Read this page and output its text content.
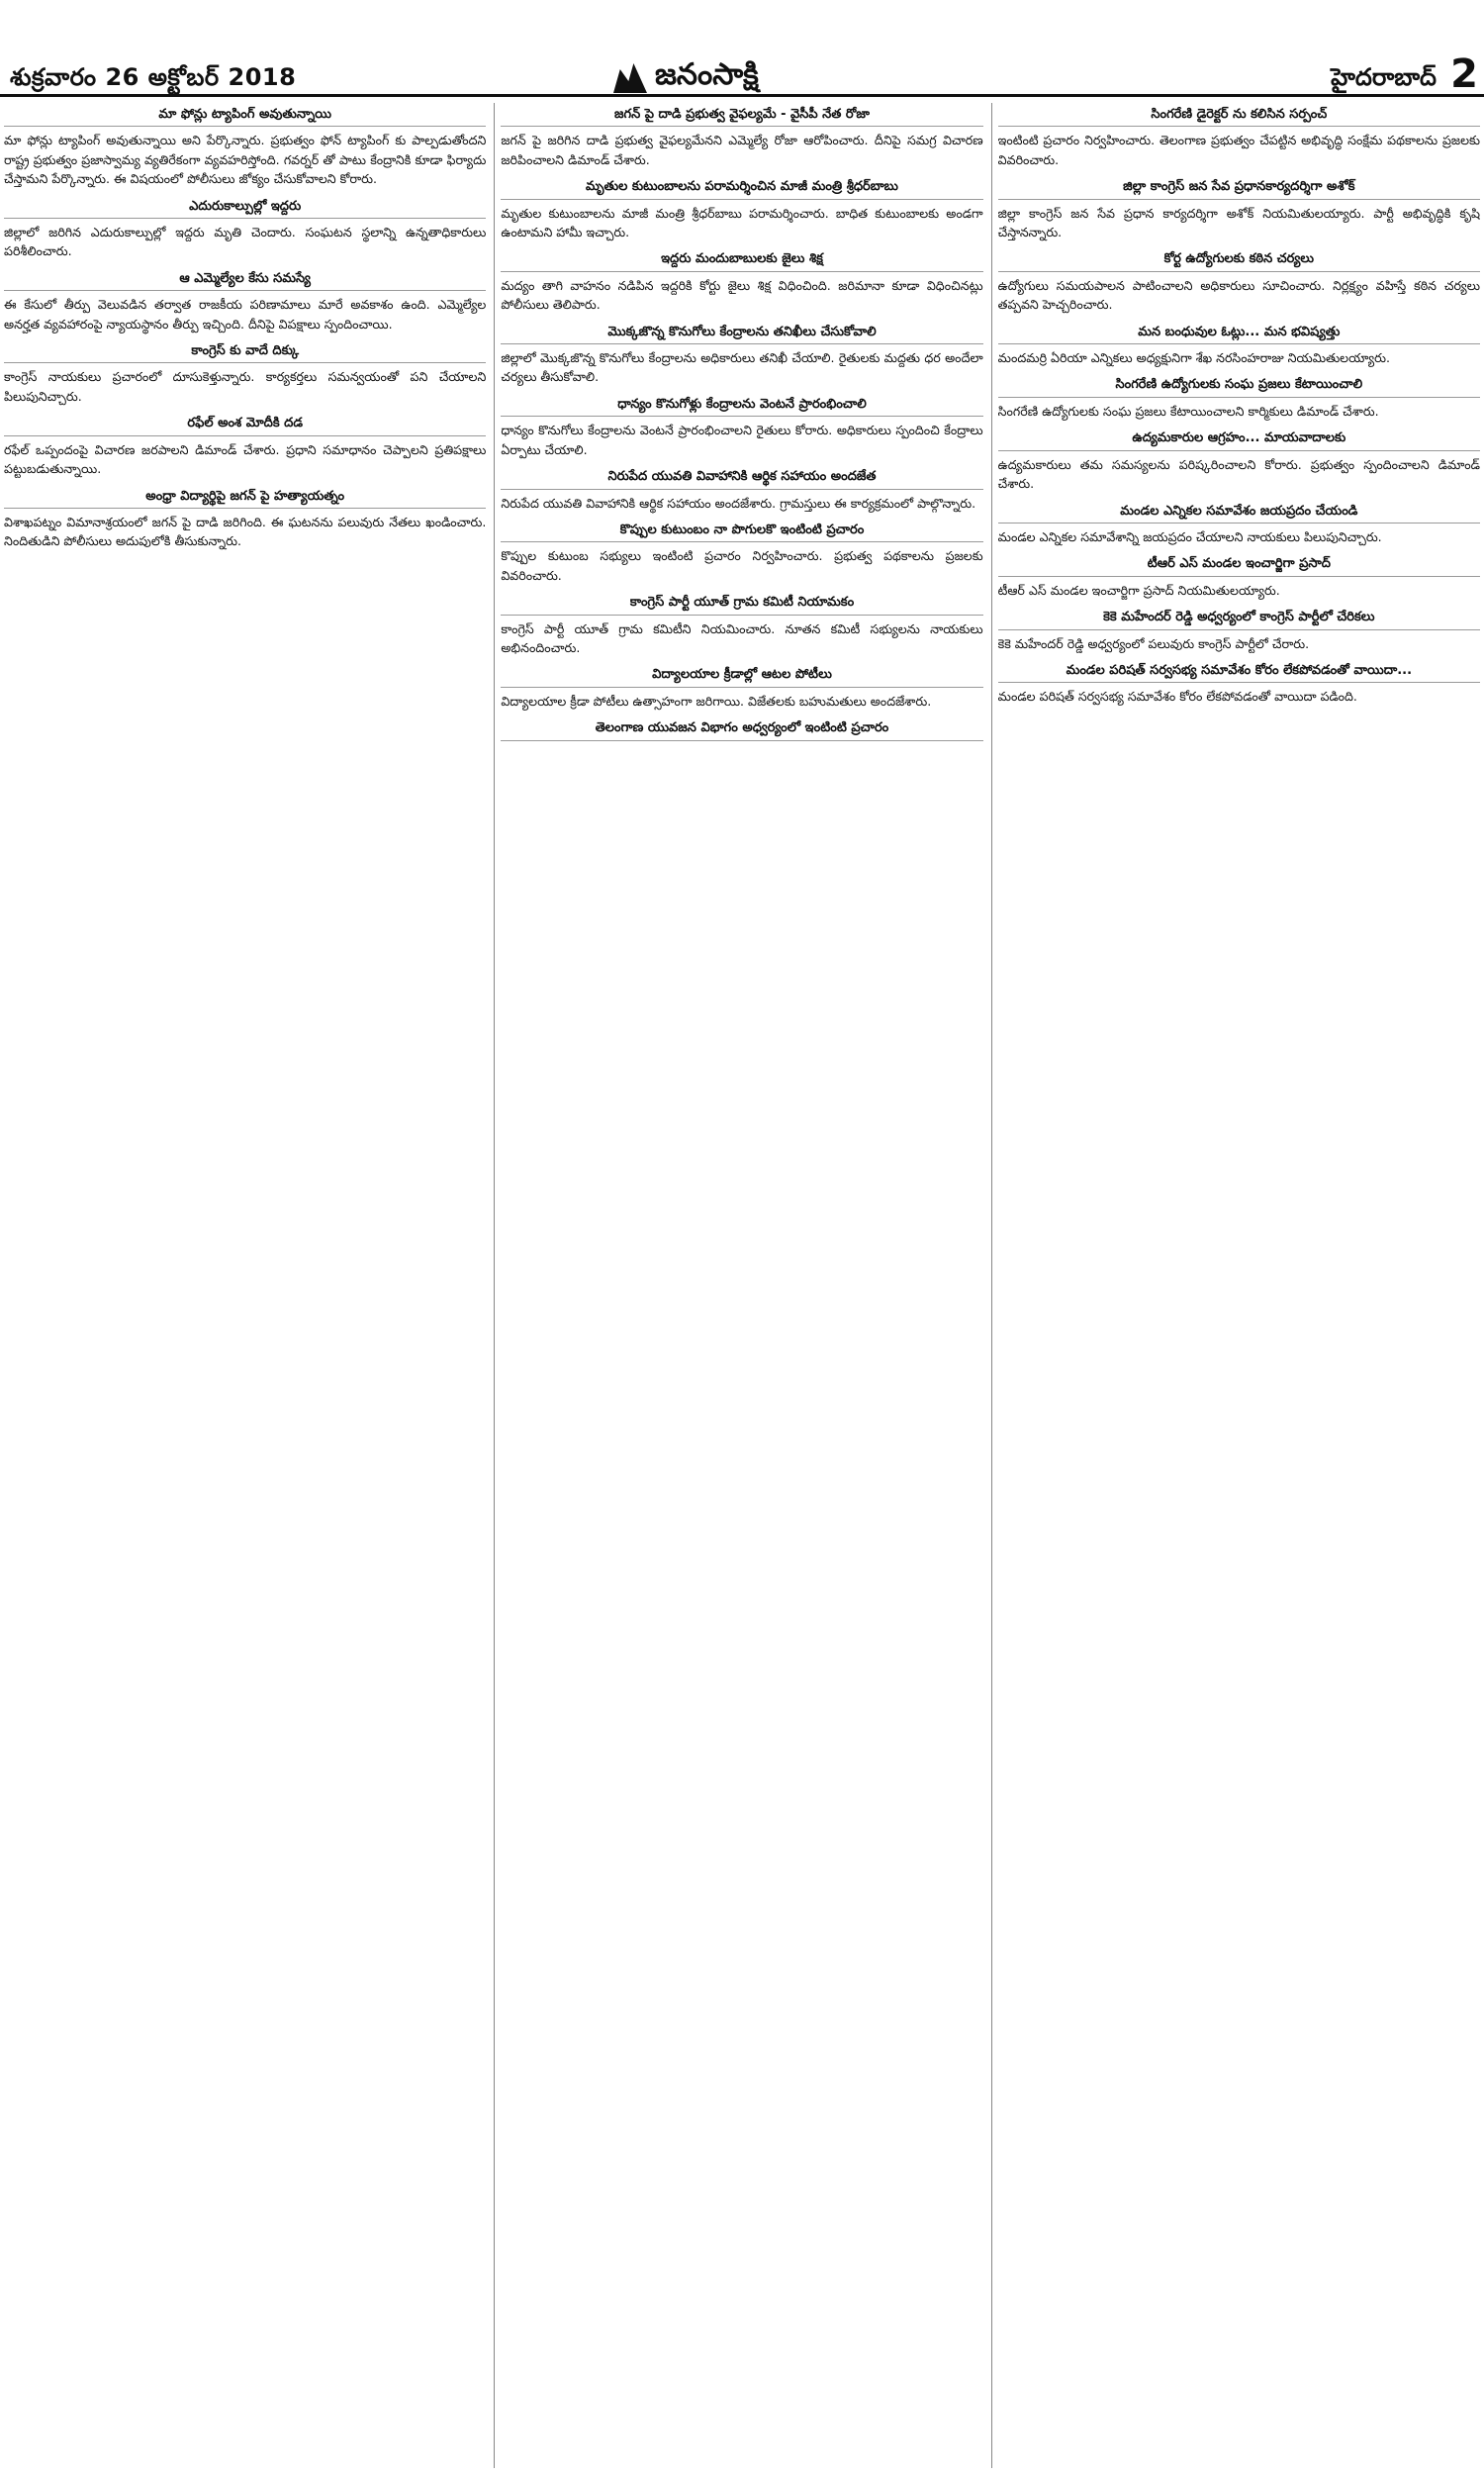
శుక్రవారం 26 అక్టోబర్ 2018	జనంసాక్షి	హైదరాబాద్ 2
మా ఫోన్లు ట్యాపింగ్ అవుతున్నాయి

మా ఫోన్లు ట్యాపింగ్ అవుతున్నాయి అని పేర్కొన్నారు. ప్రభుత్వం ఫోన్ ట్యాపింగ్ కు పాల్పడుతోందని రాష్ట్ర ప్రభుత్వం ప్రజాస్వామ్య వ్యతిరేకంగా వ్యవహరిస్తోంది. గవర్నర్ తో పాటు కేంద్రానికి కూడా ఫిర్యాదు చేస్తామని పేర్కొన్నారు. ఈ విషయంలో పోలీసులు జోక్యం చేసుకోవాలని కోరారు.

ఎదురుకాల్పుల్లో ఇద్దరు

జిల్లాలో జరిగిన ఎదురుకాల్పుల్లో ఇద్దరు మృతి చెందారు. సంఘటన స్థలాన్ని ఉన్నతాధికారులు పరిశీలించారు.

ఆ ఎమ్మెల్యేల కేసు సమస్యే

ఈ కేసులో తీర్పు వెలువడిన తర్వాత రాజకీయ పరిణామాలు మారే అవకాశం ఉంది. ఎమ్మెల్యేల అనర్హత వ్యవహారంపై న్యాయస్థానం తీర్పు ఇచ్చింది. దీనిపై విపక్షాలు స్పందించాయి.

కాంగ్రెస్ కు వాదే దిక్కు

కాంగ్రెస్ నాయకులు ప్రచారంలో దూసుకెళ్తున్నారు. కార్యకర్తలు సమన్వయంతో పని చేయాలని పిలుపునిచ్చారు.

రఫేల్ అంశ మోదీకి దడ

రఫేల్ ఒప్పందంపై విచారణ జరపాలని డిమాండ్ చేశారు. ప్రధాని సమాధానం చెప్పాలని ప్రతిపక్షాలు పట్టుబడుతున్నాయి.

అంధ్రా విద్యార్థిపై జగన్ పై హత్యాయత్నం

విశాఖపట్నం విమానాశ్రయంలో జగన్ పై దాడి జరిగింది. ఈ ఘటనను పలువురు నేతలు ఖండించారు. నిందితుడిని పోలీసులు అదుపులోకి తీసుకున్నారు.

జగన్ పై దాడి ప్రభుత్వ వైఫల్యమే - వైసీపీ నేత రోజా

జగన్ పై జరిగిన దాడి ప్రభుత్వ వైఫల్యమేనని ఎమ్మెల్యే రోజా ఆరోపించారు. దీనిపై సమగ్ర విచారణ జరిపించాలని డిమాండ్ చేశారు.

మృతుల కుటుంబాలను పరామర్శించిన మాజీ మంత్రి శ్రీధర్‌బాబు

మృతుల కుటుంబాలను మాజీ మంత్రి శ్రీధర్‌బాబు పరామర్శించారు. బాధిత కుటుంబాలకు అండగా ఉంటామని హామీ ఇచ్చారు.

ఇద్దరు మందుబాబులకు జైలు శిక్ష

మద్యం తాగి వాహనం నడిపిన ఇద్దరికి కోర్టు జైలు శిక్ష విధించింది. జరిమానా కూడా విధించినట్లు పోలీసులు తెలిపారు.

మొక్కజొన్న కొనుగోలు కేంద్రాలను తనిఖీలు చేసుకోవాలి

జిల్లాలో మొక్కజొన్న కొనుగోలు కేంద్రాలను అధికారులు తనిఖీ చేయాలి. రైతులకు మద్దతు ధర అందేలా చర్యలు తీసుకోవాలి.

ధాన్యం కొనుగోళ్లు కేంద్రాలను వెంటనే ప్రారంభించాలి

ధాన్యం కొనుగోలు కేంద్రాలను వెంటనే ప్రారంభించాలని రైతులు కోరారు. అధికారులు స్పందించి కేంద్రాలు ఏర్పాటు చేయాలి.

నిరుపేద యువతి వివాహానికి ఆర్థిక సహాయం అందజేత

నిరుపేద యువతి వివాహానికి ఆర్థిక సహాయం అందజేశారు. గ్రామస్తులు ఈ కార్యక్రమంలో పాల్గొన్నారు.

కొప్పుల కుటుంబం నా పొగులకొ ఇంటింటి ప్రచారం

కొప్పుల కుటుంబ సభ్యులు ఇంటింటి ప్రచారం నిర్వహించారు. ప్రభుత్వ పథకాలను ప్రజలకు వివరించారు.

కాంగ్రెస్ పార్టీ యూత్ గ్రామ కమిటీ నియామకం

కాంగ్రెస్ పార్టీ యూత్ గ్రామ కమిటీని నియమించారు. నూతన కమిటీ సభ్యులను నాయకులు అభినందించారు.

విద్యాలయాల క్రీడాల్లో ఆటల పోటీలు

విద్యాలయాల క్రీడా పోటీలు ఉత్సాహంగా జరిగాయి. విజేతలకు బహుమతులు అందజేశారు.

తెలంగాణ యువజన విభాగం అధ్వర్యంలో ఇంటింటి ప్రచారం
సింగరేణి డైరెక్టర్ ను కలిసిన సర్పంచ్

ఇంటింటి ప్రచారం నిర్వహించారు. తెలంగాణ ప్రభుత్వం చేపట్టిన అభివృద్ధి సంక్షేమ పథకాలను ప్రజలకు వివరించారు.

జిల్లా కాంగ్రెస్ జన సేవ ప్రధానకార్యదర్శిగా అశోక్

జిల్లా కాంగ్రెస్ జన సేవ ప్రధాన కార్యదర్శిగా అశోక్ నియమితులయ్యారు. పార్టీ అభివృద్ధికి కృషి చేస్తానన్నారు.

కోర్ట ఉద్యోగులకు కఠిన చర్యలు

ఉద్యోగులు సమయపాలన పాటించాలని అధికారులు సూచించారు. నిర్లక్ష్యం వహిస్తే కఠిన చర్యలు తప్పవని హెచ్చరించారు.

మన బంధువుల ఓట్లు... మన భవిష్యత్తు

మందమర్రి ఏరియా ఎన్నికలు అధ్యక్షునిగా శేఖ నరసింహరాజు నియమితులయ్యారు.

సింగరేణి ఉద్యోగులకు సంఘ ప్రజలు కేటాయించాలి

సింగరేణి ఉద్యోగులకు సంఘ ప్రజలు కేటాయించాలని కార్మికులు డిమాండ్ చేశారు.

ఉద్యమకారుల ఆగ్రహం... మాయవాదాలకు

ఉద్యమకారులు తమ సమస్యలను పరిష్కరించాలని కోరారు. ప్రభుత్వం స్పందించాలని డిమాండ్ చేశారు.

మండల ఎన్నికల సమావేశం జయప్రదం చేయండి

మండల ఎన్నికల సమావేశాన్ని జయప్రదం చేయాలని నాయకులు పిలుపునిచ్చారు.

టీఆర్ ఎస్ మండల ఇంచార్జిగా ప్రసాద్

టీఆర్ ఎస్ మండల ఇంచార్జిగా ప్రసాద్ నియమితులయ్యారు.

కెకె మహేందర్ రెడ్డి అధ్వర్యంలో కాంగ్రెస్ పార్టీలో చేరికలు

కెకె మహేందర్ రెడ్డి అధ్వర్యంలో పలువురు కాంగ్రెస్ పార్టీలో చేరారు.

మండల పరిషత్ సర్వసభ్య సమావేశం కోరం లేకపోవడంతో వాయిదా...

మండల పరిషత్ సర్వసభ్య సమావేశం కోరం లేకపోవడంతో వాయిదా పడింది.
